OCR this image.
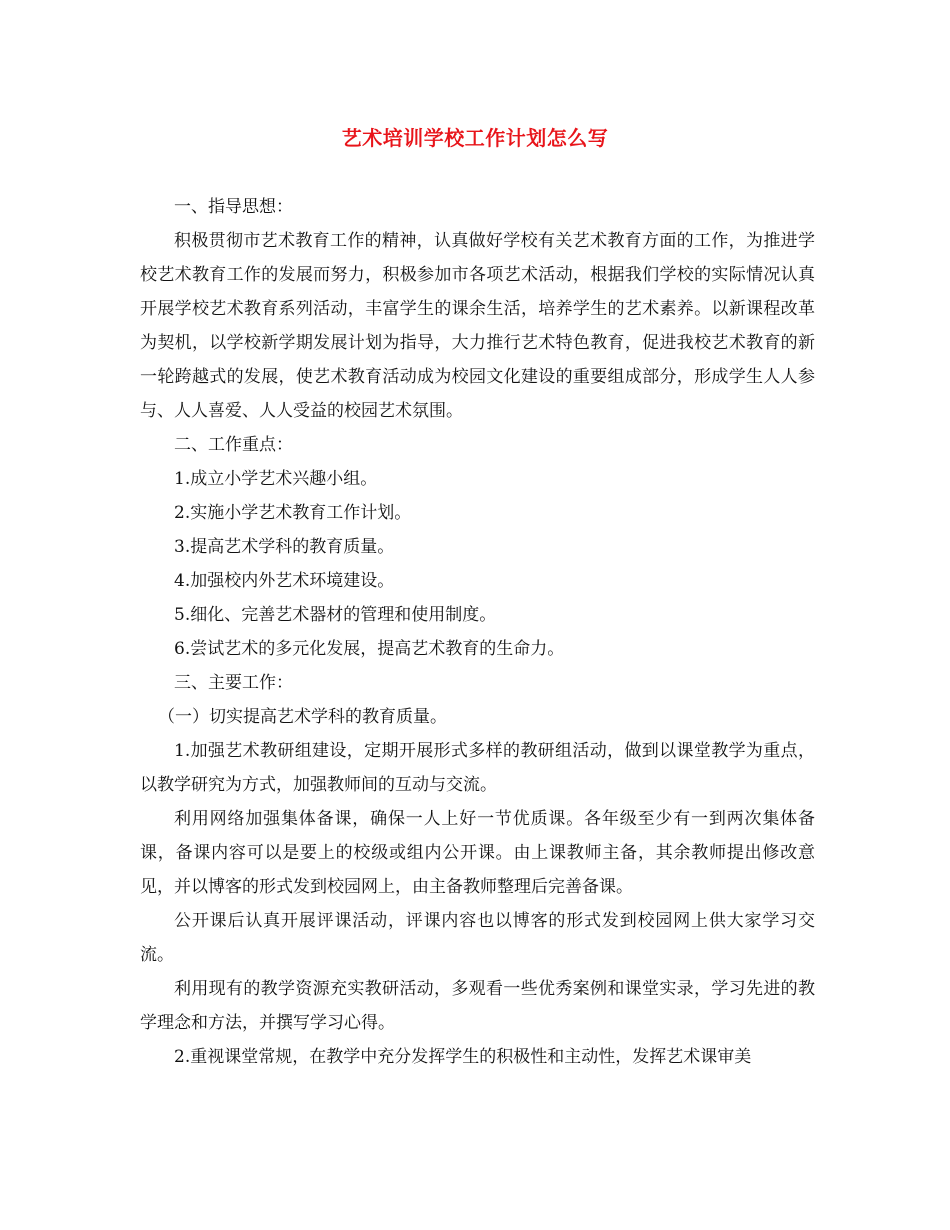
艺术培训学校工作计划怎么写

一、指导思想：

积极贯彻市艺术教育工作的精神，认真做好学校有关艺术教育方面的工作，为推进学校艺术教育工作的发展而努力，积极参加市各项艺术活动，根据我们学校的实际情况认真开展学校艺术教育系列活动，丰富学生的课余生活，培养学生的艺术素养。以新课程改革为契机，以学校新学期发展计划为指导，大力推行艺术特色教育，促进我校艺术教育的新一轮跨越式的发展，使艺术教育活动成为校园文化建设的重要组成部分，形成学生人人参与、人人喜爱、人人受益的校园艺术氛围。

二、工作重点：

1.成立小学艺术兴趣小组。

2.实施小学艺术教育工作计划。

3.提高艺术学科的教育质量。

4.加强校内外艺术环境建设。

5.细化、完善艺术器材的管理和使用制度。

6.尝试艺术的多元化发展，提高艺术教育的生命力。

三、主要工作：

（一）切实提高艺术学科的教育质量。

1.加强艺术教研组建设，定期开展形式多样的教研组活动，做到以课堂教学为重点，以教学研究为方式，加强教师间的互动与交流。

利用网络加强集体备课，确保一人上好一节优质课。各年级至少有一到两次集体备课，备课内容可以是要上的校级或组内公开课。由上课教师主备，其余教师提出修改意见，并以博客的形式发到校园网上，由主备教师整理后完善备课。

公开课后认真开展评课活动，评课内容也以博客的形式发到校园网上供大家学习交流。

利用现有的教学资源充实教研活动，多观看一些优秀案例和课堂实录，学习先进的教学理念和方法，并撰写学习心得。

2.重视课堂常规，在教学中充分发挥学生的积极性和主动性，发挥艺术课审美
